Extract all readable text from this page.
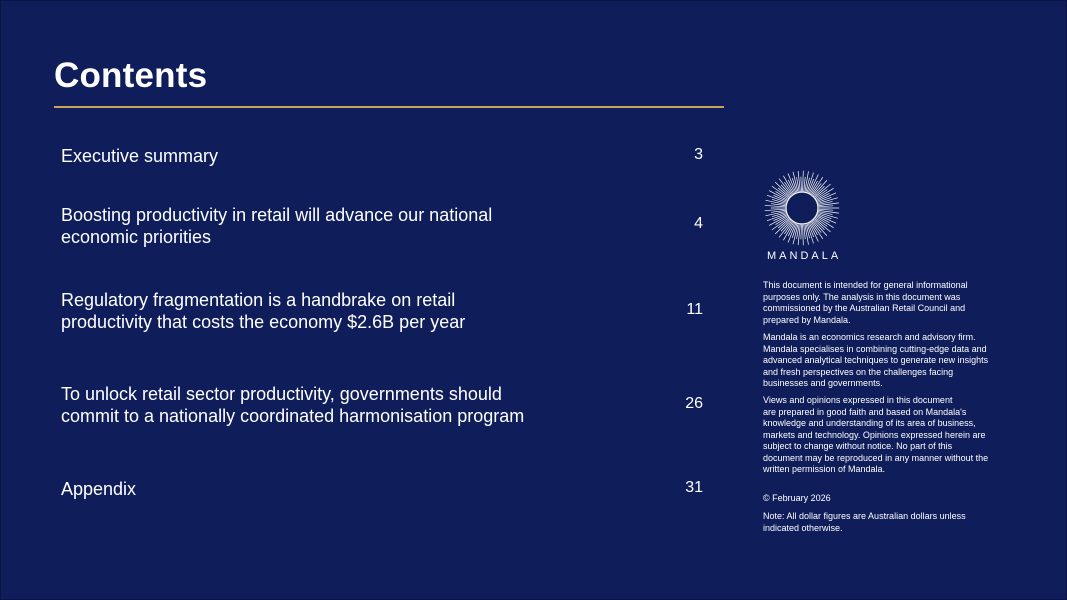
Contents
Executive summary	3
Boosting productivity in retail will advance our national
economic priorities
4
Regulatory fragmentation is a handbrake on retail
productivity that costs the economy $2.6B per year
11
To unlock retail sector productivity, governments should
commit to a nationally coordinated harmonisation program
26
Appendix	31
MANDALA
This document is intended for general informational
purposes only. The analysis in this document was
commissioned by the Australian Retail Council and
prepared by Mandala.
Mandala is an economics research and advisory firm.
Mandala specialises in combining cutting-edge data and
advanced analytical techniques to generate new insights
and fresh perspectives on the challenges facing
businesses and governments.
Views and opinions expressed in this document
are prepared in good faith and based on Mandala's
knowledge and understanding of its area of business,
markets and technology. Opinions expressed herein are
subject to change without notice. No part of this
document may be reproduced in any manner without the
written permission of Mandala.
© February 2026
Note: All dollar figures are Australian dollars unless
indicated otherwise.
